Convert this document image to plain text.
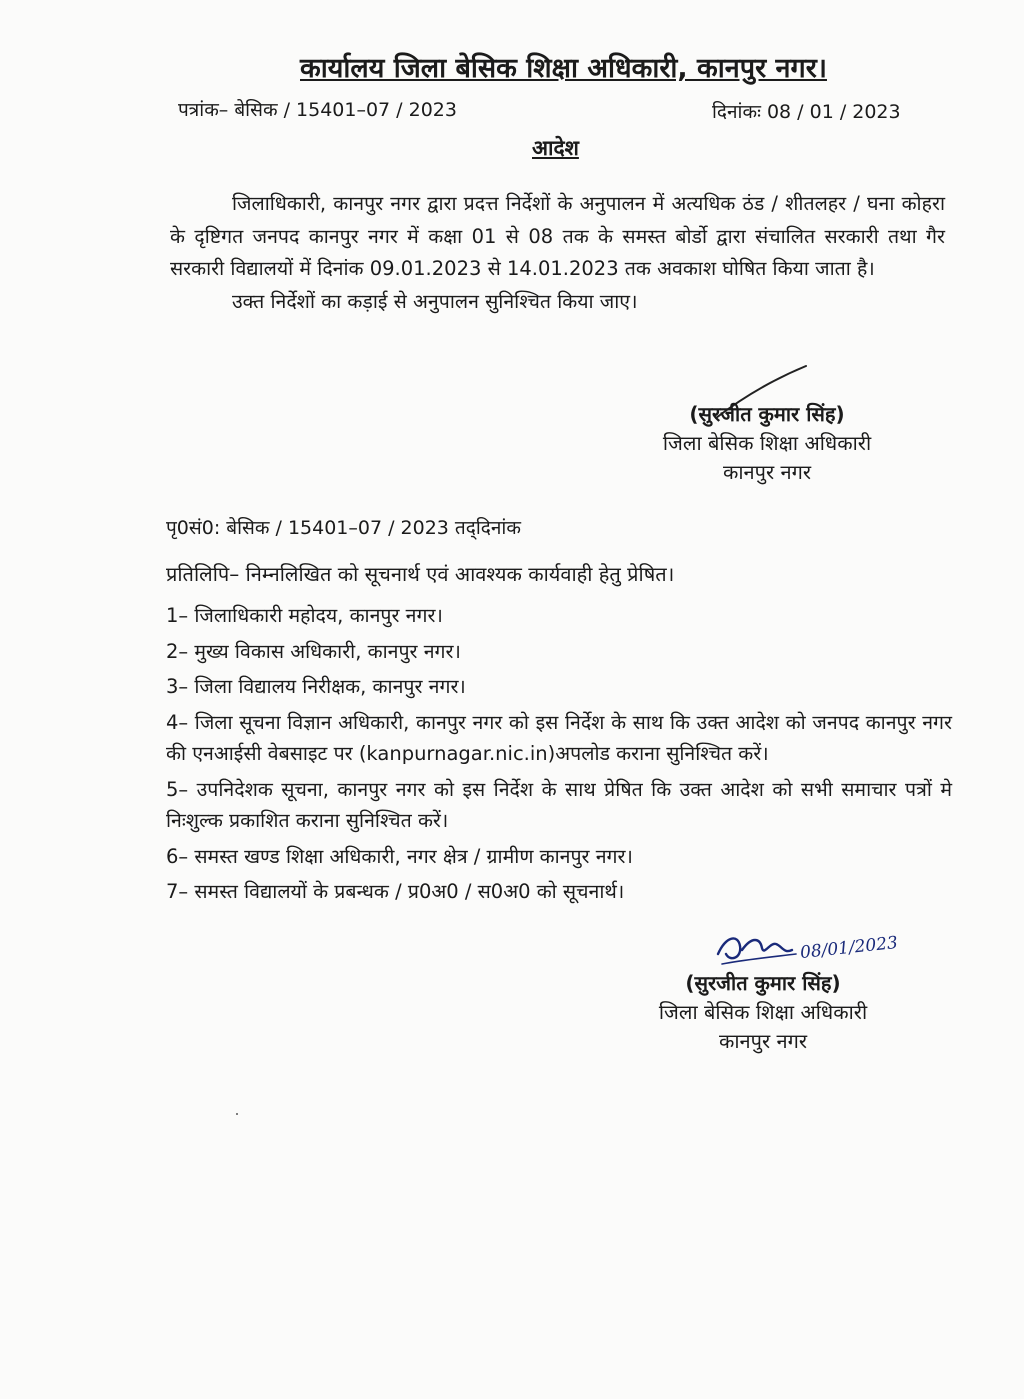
कार्यालय जिला बेसिक शिक्षा अधिकारी, कानपुर नगर।
पत्रांक– बेसिक / 15401–07 / 2023	दिनांकः 08 / 01 / 2023
आदेश

जिलाधिकारी, कानपुर नगर द्वारा प्रदत्त निर्देशों के अनुपालन में अत्यधिक ठंड / शीतलहर / घना कोहरा के दृष्टिगत जनपद कानपुर नगर में कक्षा 01 से 08 तक के समस्त बोर्डो द्वारा संचालित सरकारी तथा गैर सरकारी विद्यालयों में दिनांक 09.01.2023 से 14.01.2023 तक अवकाश घोषित किया जाता है।

उक्त निर्देशों का कड़ाई से अनुपालन सुनिश्चित किया जाए।

(सुरजीत कुमार सिंह)
जिला बेसिक शिक्षा अधिकारी
कानपुर नगर
पृ0सं0: बेसिक / 15401–07 / 2023 तद्‌दिनांक
प्रतिलिपि– निम्नलिखित को सूचनार्थ एवं आवश्यक कार्यवाही हेतु प्रेषित।
1– जिलाधिकारी महोदय, कानपुर नगर।
2– मुख्य विकास अधिकारी, कानपुर नगर।
3– जिला विद्यालय निरीक्षक, कानपुर नगर।
4– जिला सूचना विज्ञान अधिकारी, कानपुर नगर को इस निर्देश के साथ कि उक्त आदेश को जनपद कानपुर नगर की एनआईसी वेबसाइट पर (kanpurnagar.nic.in)अपलोड कराना सुनिश्चित करें।
5– उपनिदेशक सूचना, कानपुर नगर को इस निर्देश के साथ प्रेषित कि उक्त आदेश को सभी समाचार पत्रों मे निःशुल्क प्रकाशित कराना सुनिश्चित करें।
6– समस्त खण्ड शिक्षा अधिकारी, नगर क्षेत्र / ग्रामीण कानपुर नगर।
7– समस्त विद्यालयों के प्रबन्धक / प्र0अ0 / स0अ0 को सूचनार्थ।
08/01/2023
(सुरजीत कुमार सिंह)
जिला बेसिक शिक्षा अधिकारी
कानपुर नगर
